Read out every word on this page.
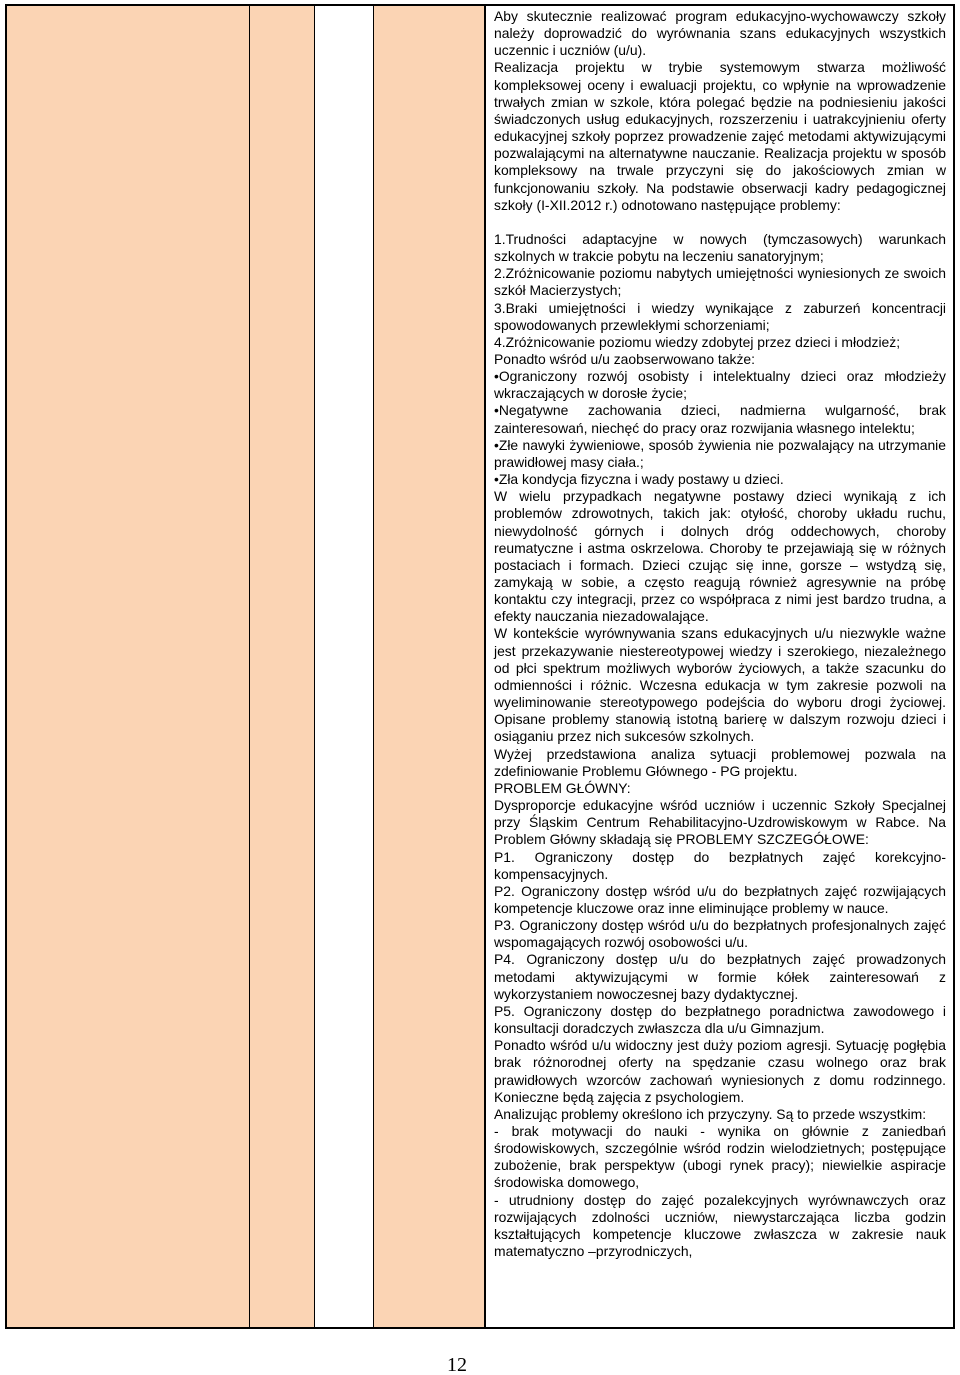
Aby skutecznie realizować program edukacyjno-wychowawczy szkoły należy doprowadzić do wyrównania szans edukacyjnych wszystkich uczennic i uczniów (u/u).
Realizacja projektu w trybie systemowym stwarza możliwość kompleksowej oceny i ewaluacji projektu, co wpłynie na wprowadzenie trwałych zmian w szkole, która polegać będzie na podniesieniu jakości świadczonych usług edukacyjnych, rozszerzeniu i uatrakcyjnieniu oferty edukacyjnej szkoły poprzez prowadzenie zajęć metodami aktywizującymi pozwalającymi na alternatywne nauczanie. Realizacja projektu w sposób kompleksowy na trwale przyczyni się do jakościowych zmian w funkcjonowaniu szkoły. Na podstawie obserwacji kadry pedagogicznej szkoły (I-XII.2012 r.) odnotowano następujące problemy:
1.Trudności adaptacyjne w nowych (tymczasowych) warunkach szkolnych w trakcie pobytu na leczeniu sanatoryjnym;
2.Zróżnicowanie poziomu nabytych umiejętności wyniesionych ze swoich szkół Macierzystych;
3.Braki umiejętności i wiedzy wynikające z zaburzeń koncentracji spowodowanych przewlekłymi schorzeniami;
4.Zróżnicowanie poziomu wiedzy zdobytej przez dzieci i młodzież;
Ponadto wśród u/u zaobserwowano także:
•Ograniczony rozwój osobisty i intelektualny dzieci oraz młodzieży wkraczających w dorosłe życie;
•Negatywne zachowania dzieci, nadmierna wulgarność, brak zainteresowań, niechęć do pracy oraz rozwijania własnego intelektu;
•Złe nawyki żywieniowe, sposób żywienia nie pozwalający na utrzymanie prawidłowej masy ciała.;
•Zła kondycja fizyczna i wady postawy u dzieci.
W wielu przypadkach negatywne postawy dzieci wynikają z ich problemów zdrowotnych, takich jak: otyłość, choroby układu ruchu, niewydolność górnych i dolnych dróg oddechowych, choroby reumatyczne i astma oskrzelowa. Choroby te przejawiają się w różnych postaciach i formach. Dzieci czując się inne, gorsze – wstydzą się, zamykają w sobie, a często reagują również agresywnie na próbę kontaktu czy integracji, przez co współpraca z nimi jest bardzo trudna, a efekty nauczania niezadowalające.
W kontekście wyrównywania szans edukacyjnych u/u niezwykle ważne jest przekazywanie niestereotypowej wiedzy i szerokiego, niezależnego od płci spektrum możliwych wyborów życiowych, a także szacunku do odmienności i różnic. Wczesna edukacja w tym zakresie pozwoli na wyeliminowanie stereotypowego podejścia do wyboru drogi życiowej. Opisane problemy stanowią istotną barierę w dalszym rozwoju dzieci i osiąganiu przez nich sukcesów szkolnych.
Wyżej przedstawiona analiza sytuacji problemowej pozwala na zdefiniowanie Problemu Głównego - PG projektu.
PROBLEM GŁÓWNY:
Dysproporcje edukacyjne wśród uczniów i uczennic Szkoły Specjalnej przy Śląskim Centrum Rehabilitacyjno-Uzdrowiskowym w Rabce. Na Problem Główny składają się PROBLEMY SZCZEGÓŁOWE:
P1. Ograniczony dostęp do bezpłatnych zajęć korekcyjno-kompensacyjnych.
P2. Ograniczony dostęp wśród u/u do bezpłatnych zajęć rozwijających kompetencje kluczowe oraz inne eliminujące problemy w nauce.
P3. Ograniczony dostęp wśród u/u do bezpłatnych profesjonalnych zajęć wspomagających rozwój osobowości u/u.
P4. Ograniczony dostęp u/u do bezpłatnych zajęć prowadzonych metodami aktywizującymi w formie kółek zainteresowań z wykorzystaniem nowoczesnej bazy dydaktycznej.
P5. Ograniczony dostęp do bezpłatnego poradnictwa zawodowego i konsultacji doradczych zwłaszcza dla u/u Gimnazjum.
Ponadto wśród u/u widoczny jest duży poziom agresji. Sytuację pogłębia brak różnorodnej oferty na spędzanie czasu wolnego oraz brak prawidłowych wzorców zachowań wyniesionych z domu rodzinnego. Konieczne będą zajęcia z psychologiem.
Analizując problemy określono ich przyczyny. Są to przede wszystkim:
- brak motywacji do nauki - wynika on głównie z zaniedbań środowiskowych, szczególnie wśród rodzin wielodzietnych; postępujące zubożenie, brak perspektyw (ubogi rynek pracy); niewielkie aspiracje środowiska domowego,
- utrudniony dostęp do zajęć pozalekcyjnych wyrównawczych oraz rozwijających zdolności uczniów, niewystarczająca liczba godzin kształtujących kompetencje kluczowe zwłaszcza w zakresie nauk matematyczno –przyrodniczych,
12
